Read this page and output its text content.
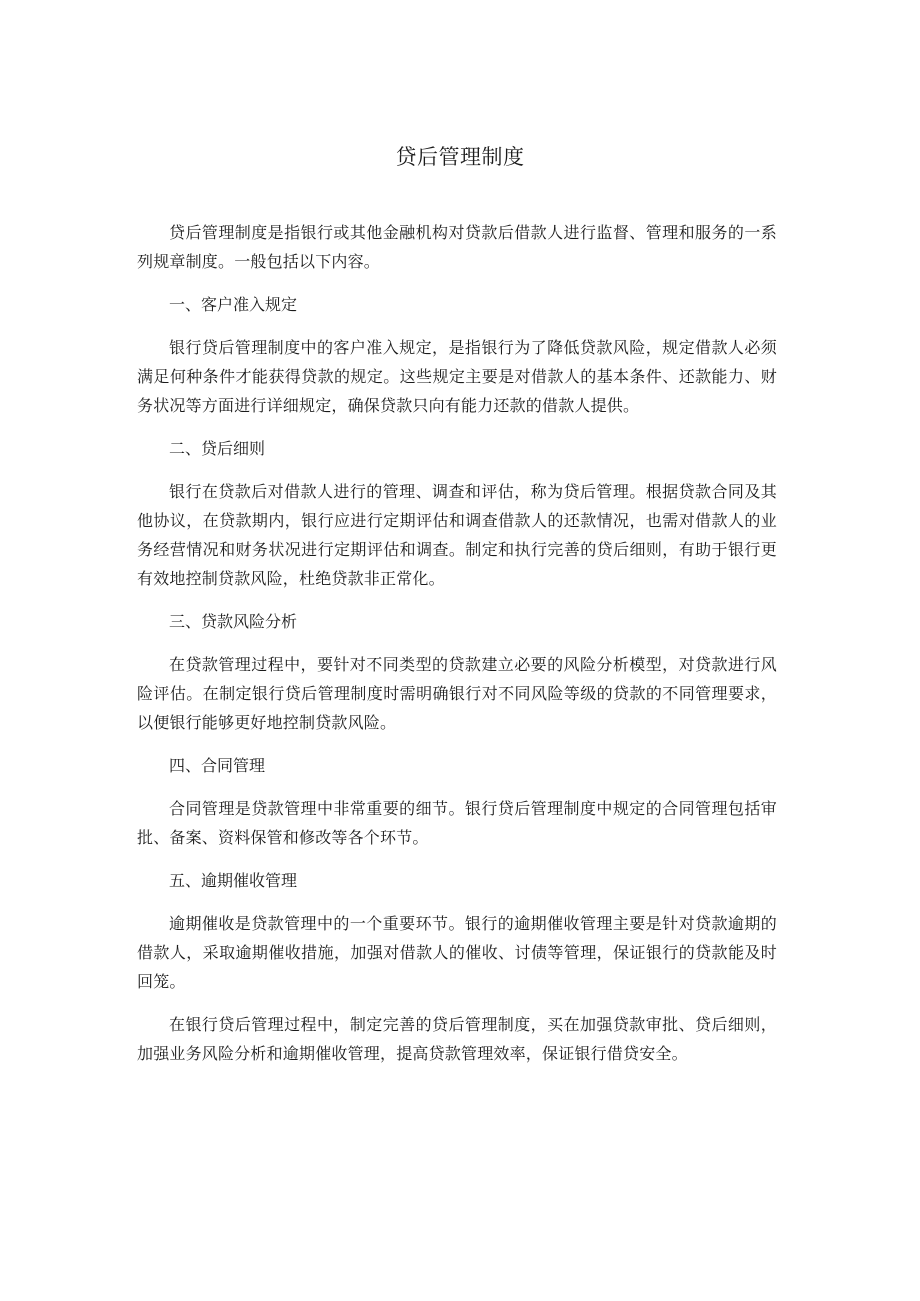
贷后管理制度

贷后管理制度是指银行或其他金融机构对贷款后借款人进行监督、管理和服务的一系列规章制度。一般包括以下内容。

一、客户准入规定

银行贷后管理制度中的客户准入规定，是指银行为了降低贷款风险，规定借款人必须满足何种条件才能获得贷款的规定。这些规定主要是对借款人的基本条件、还款能力、财务状况等方面进行详细规定，确保贷款只向有能力还款的借款人提供。

二、贷后细则

银行在贷款后对借款人进行的管理、调查和评估，称为贷后管理。根据贷款合同及其他协议，在贷款期内，银行应进行定期评估和调查借款人的还款情况，也需对借款人的业务经营情况和财务状况进行定期评估和调查。制定和执行完善的贷后细则，有助于银行更有效地控制贷款风险，杜绝贷款非正常化。

三、贷款风险分析

在贷款管理过程中，要针对不同类型的贷款建立必要的风险分析模型，对贷款进行风险评估。在制定银行贷后管理制度时需明确银行对不同风险等级的贷款的不同管理要求，以便银行能够更好地控制贷款风险。

四、合同管理

合同管理是贷款管理中非常重要的细节。银行贷后管理制度中规定的合同管理包括审批、备案、资料保管和修改等各个环节。

五、逾期催收管理

逾期催收是贷款管理中的一个重要环节。银行的逾期催收管理主要是针对贷款逾期的借款人，采取逾期催收措施，加强对借款人的催收、讨债等管理，保证银行的贷款能及时回笼。

在银行贷后管理过程中，制定完善的贷后管理制度，买在加强贷款审批、贷后细则，加强业务风险分析和逾期催收管理，提高贷款管理效率，保证银行借贷安全。
